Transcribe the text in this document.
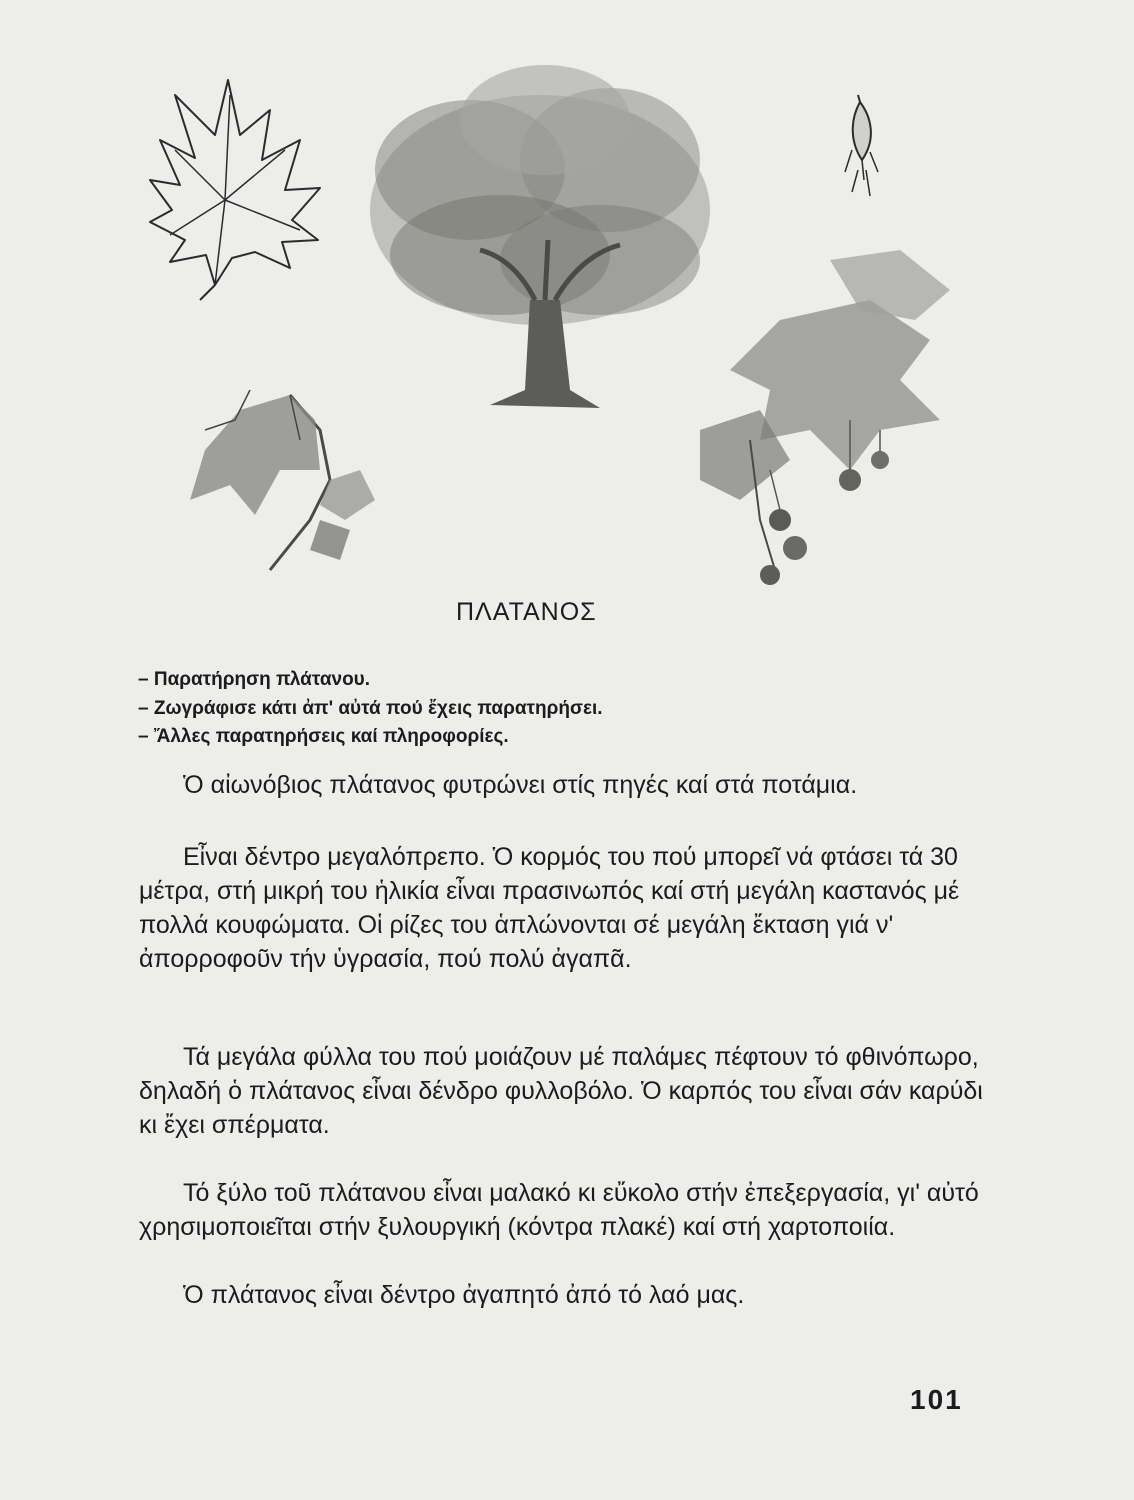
ΠΛΑΤΑΝΟΣ
– Παρατήρηση πλάτανου.
– Ζωγράφισε κάτι ἀπ' αὐτά πού ἔχεις παρατηρήσει.
– Ἄλλες παρατηρήσεις καί πληροφορίες.

Ὁ αἰωνόβιος πλάτανος φυτρώνει στίς πηγές καί στά ποτάμια.

Εἶναι δέντρο μεγαλόπρεπο. Ὁ κορμός του πού μπορεῖ νά φτάσει τά 30 μέτρα, στή μικρή του ἡλικία εἶναι πρασινωπός καί στή μεγάλη καστανός μέ πολλά κουφώματα. Οἱ ρίζες του ἁπλώνονται σέ μεγάλη ἔκταση γιά ν' ἀπορροφοῦν τήν ὑγρασία, πού πολύ ἀγαπᾶ.

Τά μεγάλα φύλλα του πού μοιάζουν μέ παλάμες πέφτουν τό φθινόπωρο, δηλαδή ὁ πλάτανος εἶναι δένδρο φυλλοβόλο. Ὁ καρπός του εἶναι σάν καρύδι κι ἔχει σπέρματα.

Τό ξύλο τοῦ πλάτανου εἶναι μαλακό κι εὔκολο στήν ἐπεξεργασία, γι' αὐτό χρησιμοποιεῖται στήν ξυλουργική (κόντρα πλακέ) καί στή χαρτοποιία.

Ὁ πλάτανος εἶναι δέντρο ἀγαπητό ἀπό τό λαό μας.

101
